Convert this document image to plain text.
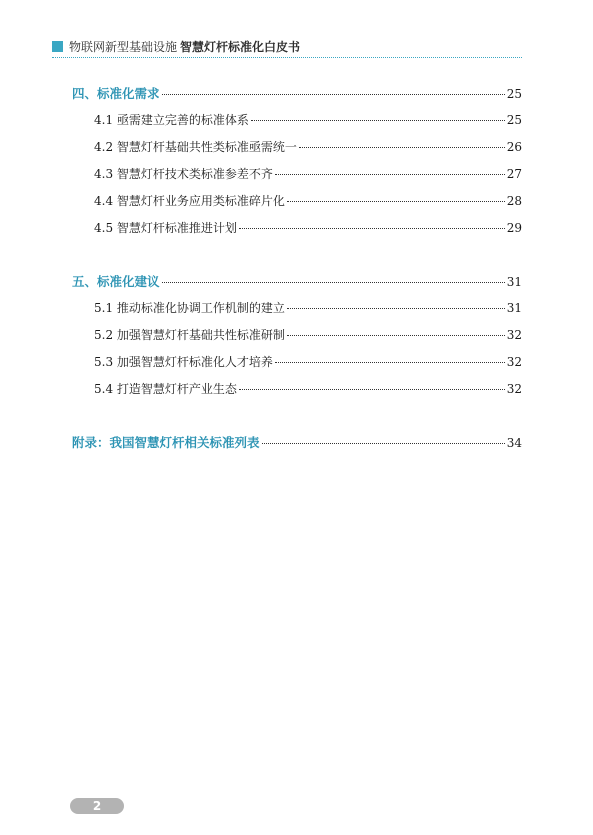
物联网新型基础设施 智慧灯杆标准化白皮书
四、标准化需求	25
4.1 亟需建立完善的标准体系	25
4.2 智慧灯杆基础共性类标准亟需统一	26
4.3 智慧灯杆技术类标准参差不齐	27
4.4 智慧灯杆业务应用类标准碎片化	28
4.5 智慧灯杆标准推进计划	29
五、标准化建议	31
5.1 推动标准化协调工作机制的建立	31
5.2 加强智慧灯杆基础共性标准研制	32
5.3 加强智慧灯杆标准化人才培养	32
5.4 打造智慧灯杆产业生态	32
附录：我国智慧灯杆相关标准列表	34
2
